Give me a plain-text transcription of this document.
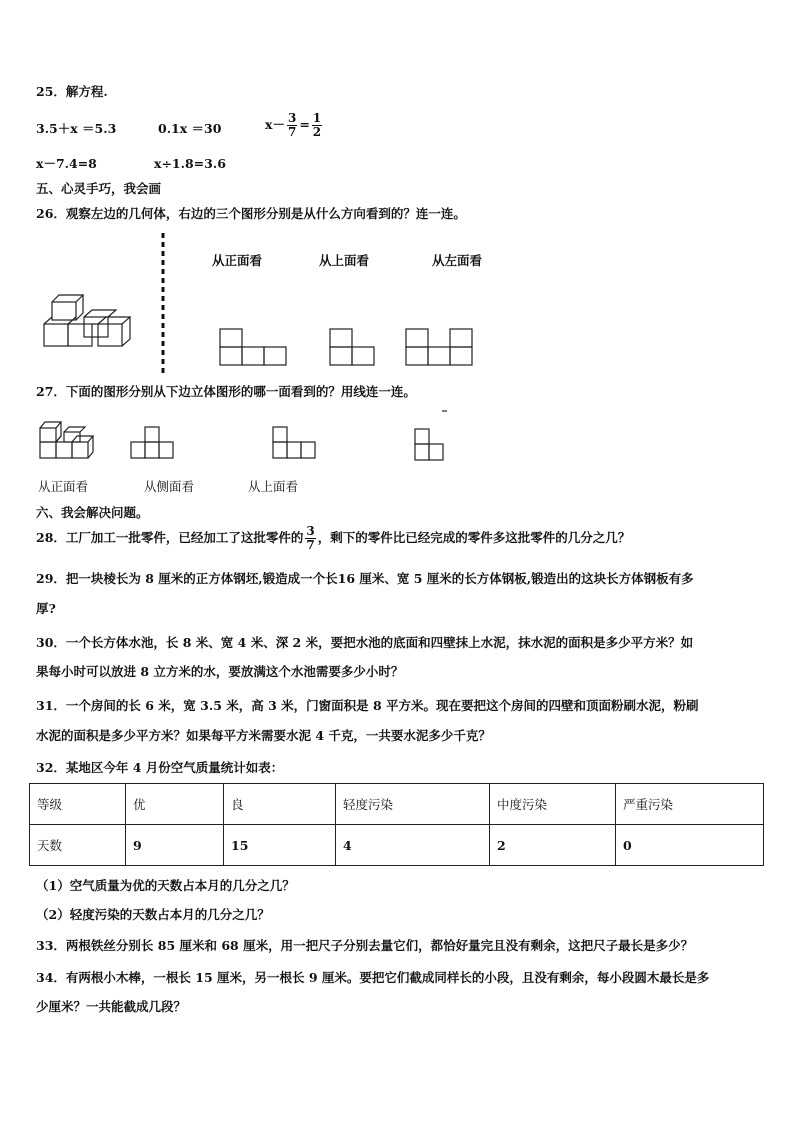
25．解方程.
3.5＋x ＝5.3	0.1x ＝30	$x- \frac{3}{7} = \frac{1}{2}$
x－7.4=8	x÷1.8=3.6
五、心灵手巧，我会画
26．观察左边的几何体，右边的三个图形分别是从什么方向看到的？连一连。
从正面看	从上面看	从左面看
27．下面的图形分别从下边立体图形的哪一面看到的？用线连一连。
从正面看	从侧面看	从上面看
六、我会解决问题。
28．工厂加工一批零件，已经加工了这批零件的 $\frac{3}{7}$ ，剩下的零件比已经完成的零件多这批零件的几分之几？
29．把一块棱长为 8 厘米的正方体钢坯,锻造成一个长16 厘米、宽 5 厘米的长方体钢板,锻造出的这块长方体钢板有多
厚?
30．一个长方体水池，长 8 米、宽 4 米、深 2 米，要把水池的底面和四壁抹上水泥，抹水泥的面积是多少平方米？如
果每小时可以放进 8 立方米的水，要放满这个水池需要多少小时？
31．一个房间的长 6 米，宽 3.5 米，高 3 米，门窗面积是 8 平方米。现在要把这个房间的四壁和顶面粉刷水泥，粉刷
水泥的面积是多少平方米？如果每平方米需要水泥 4 千克，一共要水泥多少千克？
32．某地区今年 4 月份空气质量统计如表：
等级	优	良	轻度污染	中度污染	严重污染
天数	9	15	4	2	0
（1）空气质量为优的天数占本月的几分之几？
（2）轻度污染的天数占本月的几分之几？
33．两根铁丝分别长 85 厘米和 68 厘米，用一把尺子分别去量它们，都恰好量完且没有剩余，这把尺子最长是多少？
34．有两根小木棒，一根长 15 厘米，另一根长 9 厘米。要把它们截成同样长的小段，且没有剩余，每小段圆木最长是多
少厘米？一共能截成几段？
